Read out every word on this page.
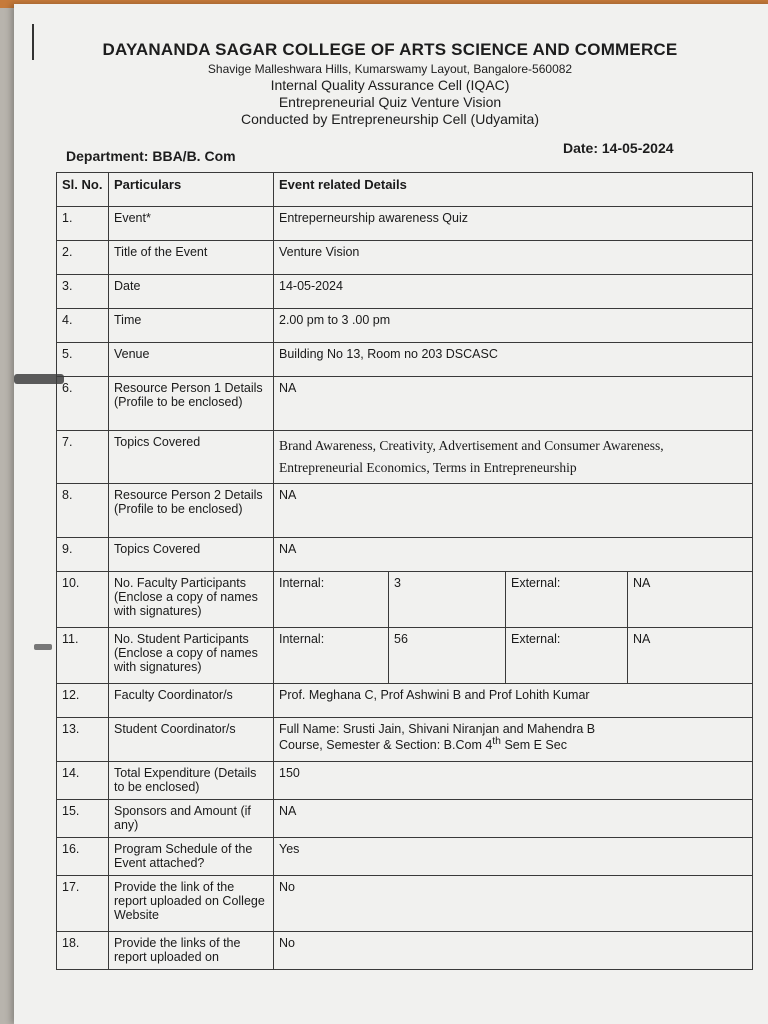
DAYANANDA SAGAR COLLEGE OF ARTS SCIENCE AND COMMERCE
Shavige Malleshwara Hills, Kumarswamy Layout, Bangalore-560082
Internal Quality Assurance Cell (IQAC)
Entrepreneurial Quiz Venture Vision
Conducted by Entrepreneurship Cell (Udyamita)
Department: BBA/B. Com	Date: 14-05-2024
Sl. No.	Particulars	Event related Details			
1.	Event*	Entreperneurship awareness Quiz			
2.	Title of the Event	Venture Vision			
3.	Date	14-05-2024			
4.	Time	2.00 pm to 3 .00 pm			
5.	Venue	Building No 13, Room no 203 DSCASC			
6.	Resource Person 1 Details (Profile to be enclosed)	NA			
7.	Topics Covered	Brand Awareness, Creativity, Advertisement and Consumer Awareness, Entrepreneurial Economics, Terms in Entrepreneurship			
8.	Resource Person 2 Details (Profile to be enclosed)	NA			
9.	Topics Covered	NA			
10.	No. Faculty Participants (Enclose a copy of names with signatures)	Internal:	3	External:	NA
11.	No. Student Participants (Enclose a copy of names with signatures)	Internal:	56	External:	NA
12.	Faculty Coordinator/s	Prof. Meghana C, Prof Ashwini B and Prof Lohith Kumar			
13.	Student Coordinator/s	Full Name: Srusti Jain, Shivani Niranjan and Mahendra B
Course, Semester & Section: B.Com 4th Sem E Sec			

14.	Total Expenditure (Details to be enclosed)	150			
15.	Sponsors and Amount (if any)	NA			
16.	Program Schedule of the Event attached?	Yes			
17.	Provide the link of the report uploaded on College Website	No			
18.	Provide the links of the report uploaded on	No			
